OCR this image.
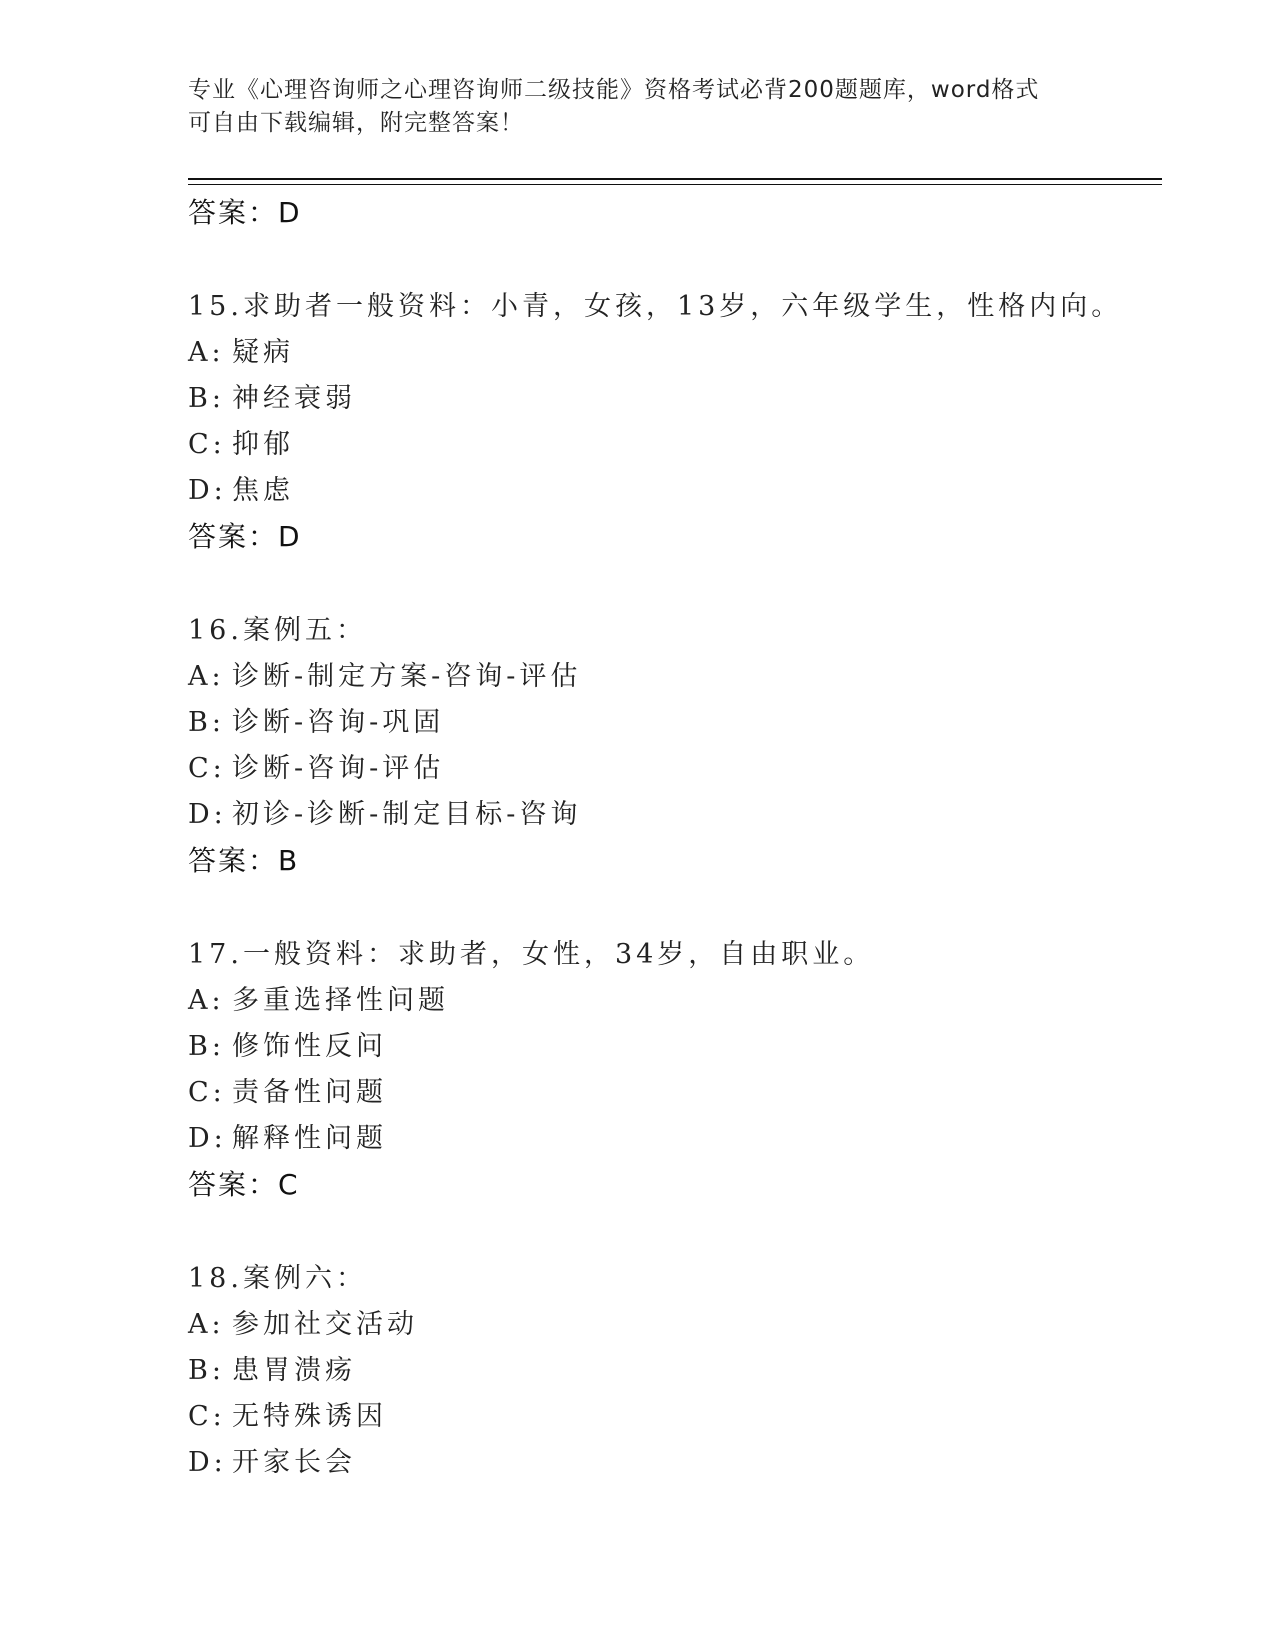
专业《心理咨询师之心理咨询师二级技能》资格考试必背200题题库，word格式
可自由下载编辑，附完整答案！
答案：D
15.求助者一般资料：小青，女孩，13岁，六年级学生，性格内向。
A: 疑病
B: 神经衰弱
C: 抑郁
D: 焦虑
答案：D
16.案例五：
A: 诊断-制定方案-咨询-评估
B: 诊断-咨询-巩固
C: 诊断-咨询-评估
D: 初诊-诊断-制定目标-咨询
答案：B
17.一般资料：求助者，女性，34岁，自由职业。
A: 多重选择性问题
B: 修饰性反问
C: 责备性问题
D: 解释性问题
答案：C
18.案例六：
A: 参加社交活动
B: 患胃溃疡
C: 无特殊诱因
D: 开家长会
